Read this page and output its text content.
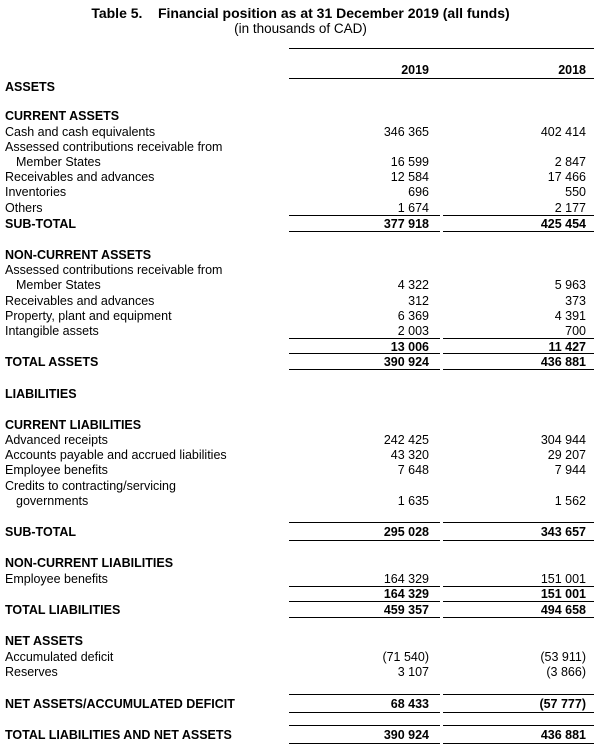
Table 5.    Financial position as at 31 December 2019 (all funds)
(in thousands of CAD)
2019	2018
ASSETS
CURRENT ASSETS
Cash and cash equivalents	346 365	402 414
Assessed contributions receivable from
Member States	16 599	2 847
Receivables and advances	12 584	17 466
Inventories	696	550
Others	1 674	2 177
SUB-TOTAL	377 918	425 454
NON-CURRENT ASSETS
Assessed contributions receivable from
Member States	4 322	5 963
Receivables and advances	312	373
Property, plant and equipment	6 369	4 391
Intangible assets	2 003	700
13 006	11 427
TOTAL ASSETS	390 924	436 881
LIABILITIES
CURRENT LIABILITIES
Advanced receipts	242 425	304 944
Accounts payable and accrued liabilities	43 320	29 207
Employee benefits	7 648	7 944
Credits to contracting/servicing
governments	1 635	1 562
SUB-TOTAL	295 028	343 657
NON-CURRENT LIABILITIES
Employee benefits	164 329	151 001
164 329	151 001
TOTAL LIABILITIES	459 357	494 658
NET ASSETS
Accumulated deficit	(71 540)	(53 911)
Reserves	3 107	(3 866)
NET ASSETS/ACCUMULATED DEFICIT	68 433	(57 777)
TOTAL LIABILITIES AND NET ASSETS	390 924	436 881
